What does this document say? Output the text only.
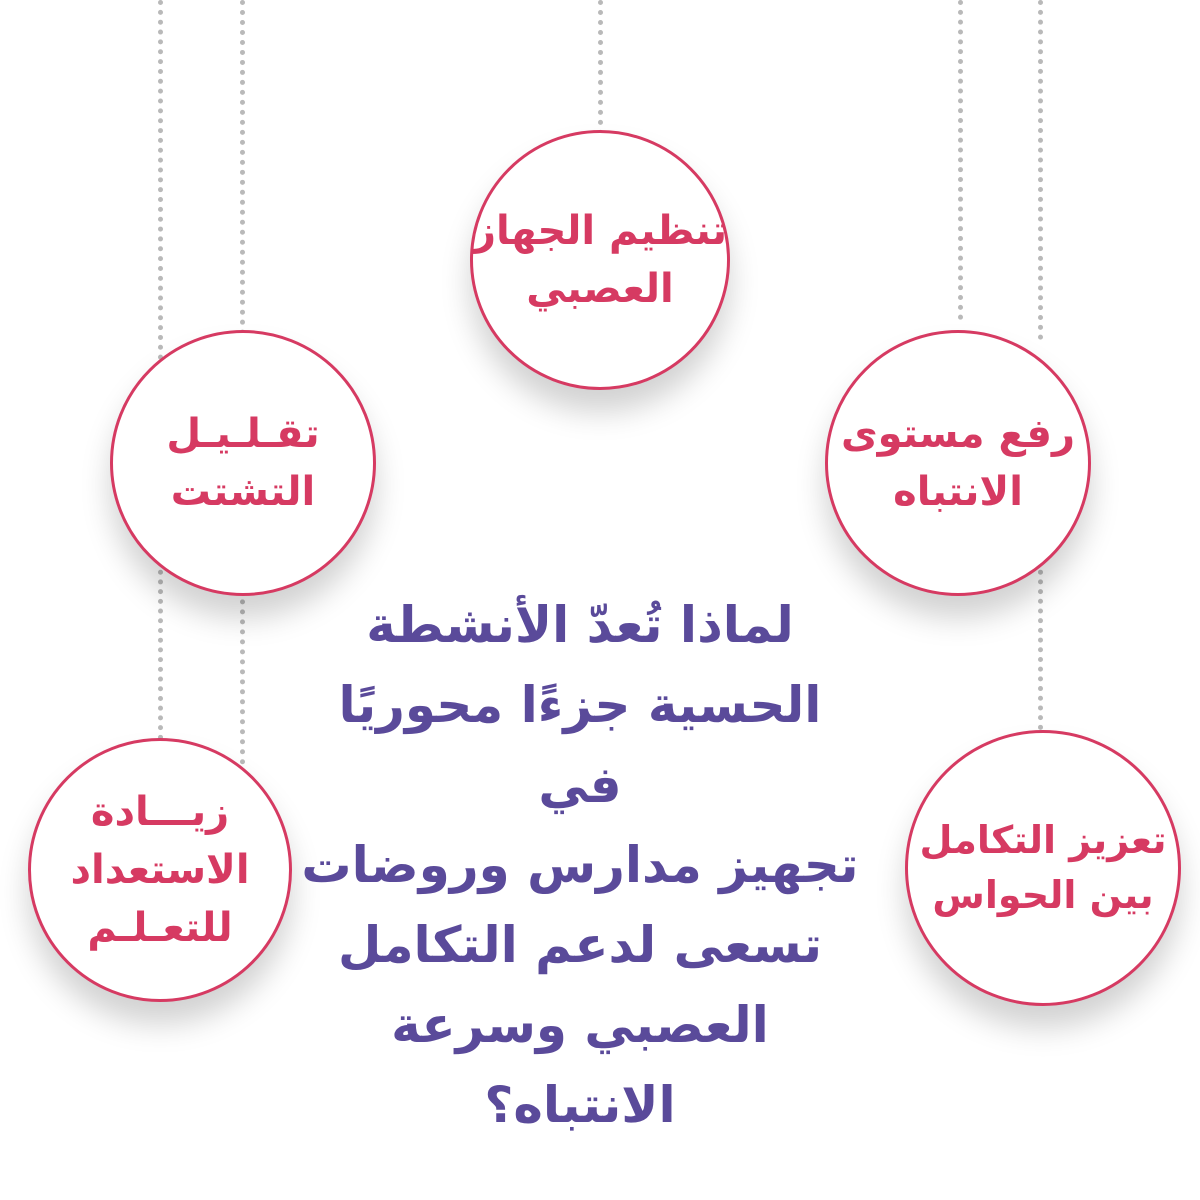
تنظيم الجهاز
العصبي
تقـلـيـل
التشتت
رفع مستوى
الانتباه
زيـــادة
الاستعداد
للتعـلـم
تعزيز التكامل
بين الحواس
لماذا تُعدّ الأنشطة
الحسية جزءًا محوريًا في
تجهيز مدارس وروضات
تسعى لدعم التكامل
العصبي وسرعة الانتباه؟
